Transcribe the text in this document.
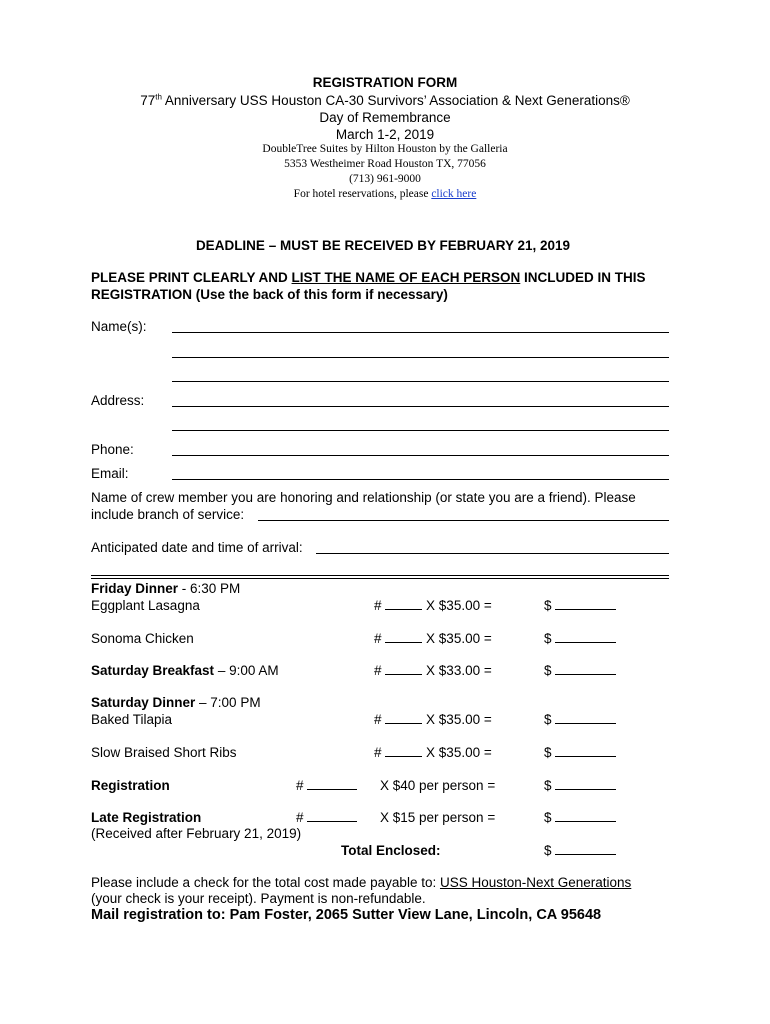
REGISTRATION FORM
77th Anniversary USS Houston CA-30 Survivors’ Association & Next Generations®
Day of Remembrance
March 1-2, 2019
DoubleTree Suites by Hilton Houston by the Galleria
5353 Westheimer Road Houston TX, 77056
(713) 961-9000
For hotel reservations, please click here
DEADLINE – MUST BE RECEIVED BY FEBRUARY 21, 2019
PLEASE PRINT CLEARLY AND LIST THE NAME OF EACH PERSON INCLUDED IN THIS
REGISTRATION (Use the back of this form if necessary)
Name(s):
Address:
Phone:
Email:
Name of crew member you are honoring and relationship (or state you are a friend). Please
include branch of service:
Anticipated date and time of arrival:
Friday Dinner - 6:30 PM
Eggplant Lasagna	#	X $35.00 =	$
Sonoma Chicken	#	X $35.00 =	$
Saturday Breakfast – 9:00 AM	#	X $33.00 =	$
Saturday Dinner – 7:00 PM
Baked Tilapia	#	X $35.00 =	$
Slow Braised Short Ribs	#	X $35.00 =	$
Registration	#	X $40 per person =	$
Late Registration	#	X $15 per person =	$
(Received after February 21, 2019)
Total Enclosed:	$
Please include a check for the total cost made payable to: USS Houston-Next Generations
(your check is your receipt). Payment is non-refundable.
Mail registration to: Pam Foster, 2065 Sutter View Lane, Lincoln, CA 95648
